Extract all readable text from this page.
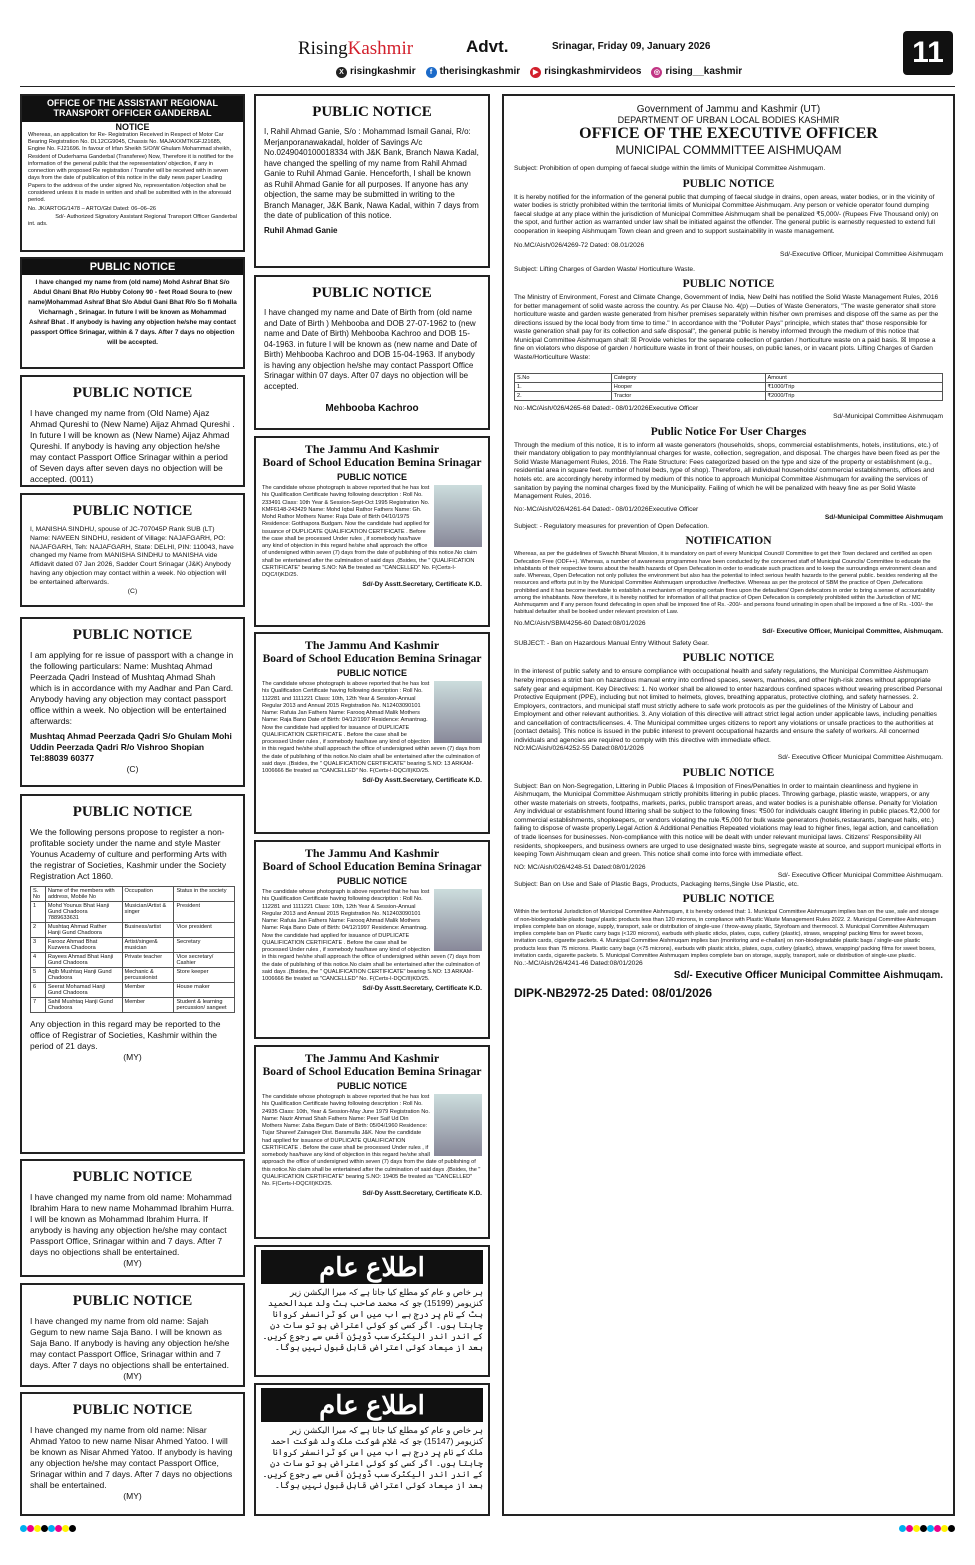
RisingKashmir	Advt.	Srinagar, Friday 09, January 2026
X risingkashmir	f therisingkashmir	▶ risingkashmirvideos	◎ rising__kashmir
11
OFFICE OF THE ASSISTANT REGIONAL TRANSPORT OFFICER GANDERBAL
NOTICE

Whereas, an application for Re- Registration Received in Respect of Motor Car Bearing Registration No. DL12CG9045, Chassis No. MAJAXXMTKGFJ21685, Engine No. FJ21696. In favour of Irfan Sheikh S/O/W Ghulam Mohammad sheikh, Resident of Duderhama Ganderbal (Transferee) Now, Therefore it is notified for the information of the general public that the representation/ objection, if any in connection with proposed Re registration / Transfer will be received with in seven days from the date of publication of this notice in the daily news paper Leading Papers to the address of the under signed No, representation /objection shall be considered unless it is made in written and shall be submitted with in the aforesaid period.

No. JK/ARTOG/1478 – ARTO/Gbl Dated: 06–06–26

Sd/- Authorized Signatory Assistant Regional Transport Officer Ganderbal

int. ads.

PUBLIC NOTICE

I have changed my name from (old name) Mohd Ashraf Bhat S/o Abdul Ghani Bhat R/o Hubby Colony 90 - feet Road Soura to (new name)Mohammad Ashraf Bhat S/o Abdul Gani Bhat R/o So fi Mohalla Vicharnagh , Srinagar. In future I will be known as Mohammad Ashraf Bhat . If anybody is having any objection he/she may contact passport Office Srinagar, within & 7 days. After 7 days no objection will be accepted.

PUBLIC NOTICE

I have changed my name from (Old Name) Ajaz Ahmad Qureshi to (New Name) Aijaz Ahmad Qureshi . In future I will be known as (New Name) Aijaz Ahmad Qureshi. If anybody is having any objection he/she may contact Passport Office Srinagar within a period of Seven days after seven days no objection will be accepted. (0011)

PUBLIC NOTICE

I, MANISHA SINDHU, spouse of JC-707045P Rank SUB (LT) Name: NAVEEN SINDHU, resident of Village: NAJAFGARH, PO: NAJAFGARH, Teh: NAJAFGARH, State: DELHI, PIN: 110043, have changed my Name from MANISHA SINDHU to MANISHA vide Affidavit dated 07 Jan 2026, Sadder Court Srinagar (J&K) Anybody having any objection may contact within a week. No objection will be entertained afterwards.

(C)

PUBLIC NOTICE

I am applying for re issue of passport with a change in the following particulars: Name: Mushtaq Ahmad Peerzada Qadri Instead of Mushtaq Ahmad Shah which is in accordance with my Aadhar and Pan Card. Anybody having any objection may contact passport office within a week. No objection will be entertained afterwards:

Mushtaq Ahmad Peerzada Qadri S/o Ghulam Mohi Uddin Peerzada Qadri R/o Vishroo Shopian Tel:88039 60377

(C)

PUBLIC NOTICE

We the following persons propose to register a non-profitable society under the name and style Master Younus Academy of culture and performing Arts with the registrar of Societies, Kashmir under the Society Registration Act 1860.

S. No	Name of the members with address, Mobile No	Occupation	Status in the society
1	Mohd Younus Bhat Hanji Gund Chadoora 7889633631	Musician/Artist & singer	President
2	Mushtaq Ahmad Rather Hanji Gund Chadoora	Business/artist	Vice president
3	Farooz Ahmad Bhat Kuzwera Chadoora	Artist/singer& musician	Secretary
4	Rayees Ahmad Bhat Hanji Gund Chadoora	Private teacher	Vice secretary/ Cashier
5	Aqib Mushtaq Hanji Gund Chadoora	Mechanic & percussionist	Store keeper
6	Seerat Mohamad Hanji Gund Chadoora	Member	House maker
7	Sahil Mushtaq Hanji Gund Chadoora	Member	Student & learning percussion/ sangeet

Any objection in this regard may be reported to the office of Registrar of Societies, Kashmir within the period of 21 days.

(MY)

PUBLIC NOTICE

I have changed my name from old name: Mohammad Ibrahim Hara to new name Mohammad Ibrahim Hurra. I will be known as Mohammad Ibrahim Hurra. If anybody is having any objection he/she may contact Passport Office, Srinagar within and 7 days. After 7 days no objections shall be entertained.

(MY)

PUBLIC NOTICE

I have changed my name from old name: Sajah Gegum to new name Saja Bano. I will be known as Saja Bano. If anybody is having any objection he/she may contact Passport Office, Srinagar within and 7 days. After 7 days no objections shall be entertained.

(MY)

PUBLIC NOTICE

I have changed my name from old name: Nisar Ahmad Yatoo to new name Nisar Ahmed Yatoo. I will be known as Nisar Ahmed Yatoo. If anybody is having any objection he/she may contact Passport Office, Srinagar within and 7 days. After 7 days no objections shall be entertained.

(MY)

PUBLIC NOTICE

I, Rahil Ahmad Ganie, S/o : Mohammad Ismail Ganai, R/o: Merjanporanawakadal, holder of Savings A/c No.0249040100018334 with J&K Bank, Branch Nawa Kadal, have changed the spelling of my name from Rahil Ahmad Ganie to Ruhil Ahmad Ganie. Henceforth, I shall be known as Ruhil Ahmad Ganie for all purposes. If anyone has any objection, the same may be submitted in writing to the Branch Manager, J&K Bank, Nawa Kadal, within 7 days from the date of publication of this notice.

Ruhil Ahmad Ganie

PUBLIC NOTICE

I have changed my name and Date of Birth from (old name and Date of Birth ) Mehbooba and DOB 27-07-1962 to (new name and Date of Birth) Mehbooba Kachroo and DOB 15-04-1963. in future I will be known as (new name and Date of Birth) Mehbooba Kachroo and DOB 15-04-1963. If anybody is having any objection he/she may contact Passport Office Srinagar within 07 days. After 07 days no objection will be accepted.

Mehbooba Kachroo

The Jammu And Kashmir
Board of School Education Bemina Srinagar
PUBLIC NOTICE

The candidate whose photograph is above reported that he has lost his Qualification Certificate having following description : Roll No. 233491 Class: 10th Year & Session-Sept-Oct 1995 Registration No. KMF6148-243429 Name: Mohd Iqbal Rathor Fathers Name: Gh. Mohd Rathor Mothers Name: Raja Date of Birth 04/10/1975 Residence: Gotthapora Budgam. Now the candidate had applied for issuance of DUPLICATE QUALIFICATION CERTIFICATE . Before the case shall be processed Under rules , if somebody has/have any kind of objection in this regard he/she shall approach the office of undersigned within seven (7) days from the date of publishing of this notice.No claim shall be entertained after the culmination of said days .(Bsides, the " QUALIFICATION CERTIFICATE" bearing S.NO: NA Be treated as "CANCELLED" No. F(Certs-I-DQC/II)KD/25.

Sd/-Dy Asstt.Secretary, Certificate K.D.

The Jammu And Kashmir
Board of School Education Bemina Srinagar
PUBLIC NOTICE

The candidate whose photograph is above reported that he has lost his Qualification Certificate having following description : Roll No. 112281 and 1111221 Class: 10th, 12th Year & Session-Annual Regular 2013 and Annual 2015 Registration No. N12403090101 Name: Rafuia Jan Fathers Name: Farooq Ahmad Malik Mothers Name: Raja Bano Date of Birth: 04/12/1997 Residence: Amantnag. Now the candidate had applied for issuance of DUPLICATE QUALIFICATION CERTIFICATE . Before the case shall be processed Under rules , if somebody has/have any kind of objection in this regard he/she shall approach the office of undersigned within seven (7) days from the date of publishing of this notice.No claim shall be entertained after the culmination of said days .(Bsides, the " QUALIFICATION CERTIFICATE" bearing S.NO: 13 ARKAM-1006666 Be treated as "CANCELLED" No. F(Certs-I-DQC/II)KD/25.

Sd/-Dy Asstt.Secretary, Certificate K.D.

The Jammu And Kashmir
Board of School Education Bemina Srinagar
PUBLIC NOTICE

The candidate whose photograph is above reported that he has lost his Qualification Certificate having following description : Roll No. 112281 and 1111221 Class: 10th, 12th Year & Session-Annual Regular 2013 and Annual 2015 Registration No. N12403090101 Name: Rafuia Jan Fathers Name: Farooq Ahmad Malik Mothers Name: Raja Bano Date of Birth: 04/12/1997 Residence: Amantnag. Now the candidate had applied for issuance of DUPLICATE QUALIFICATION CERTIFICATE . Before the case shall be processed Under rules , if somebody has/have any kind of objection in this regard he/she shall approach the office of undersigned within seven (7) days from the date of publishing of this notice.No claim shall be entertained after the culmination of said days .(Bsides, the " QUALIFICATION CERTIFICATE" bearing S.NO: 13 ARKAM-1006666 Be treated as "CANCELLED" No. F(Certs-I-DQC/II)KD/25.

Sd/-Dy Asstt.Secretary, Certificate K.D.

The Jammu And Kashmir
Board of School Education Bemina Srinagar
PUBLIC NOTICE

The candidate whose photograph is above reported that he has lost his Qualification Certificate having following description : Roll No. 24935 Class: 10th, Year & Session-May June 1979 Registration No. Name: Nazir Ahmad Shah Fathers Name: Peer Saif Ud Din Mothers Name: Zaba Begum Date of Birth: 05/04/1960 Residence: Tujar Shareef Zainageir Dist. Baramulla J&K. Now the candidate had applied for issuance of DUPLICATE QUALIFICATION CERTIFICATE . Before the case shall be processed Under rules , if somebody has/have any kind of objection in this regard he/she shall approach the office of undersigned within seven (7) days from the date of publishing of this notice.No claim shall be entertained after the culmination of said days .(Bsides, the " QUALIFICATION CERTIFICATE" bearing S.NO: 19405 Be treated as "CANCELLED" No. F(Certs-I-DQC/II)KD/25.

Sd/-Dy Asstt.Secretary, Certificate K.D.

اطلاع عام

ہر خاص و عام کو مطلع کیا جاتا ہے کہ میرا الیکشن زیر کنزیومر (15199) جو کہ محمد صاحب بٹ ولد عبدالحمید بٹ کے نام پر درج ہے اب میں اس کو ٹرانسفر کروانا چاہتا ہوں۔ اگر کسی کو کوئی اعتراض ہو تو سات دن کے اندر اندر الیکٹرک سب ڈویژن آفس سے رجوع کریں۔ بعد از میعاد کوئی اعتراض قابل قبول نہیں ہوگا۔

اطلاع عام

ہر خاص و عام کو مطلع کیا جاتا ہے کہ میرا الیکشن زیر کنزیومر (15147) جو کہ غلام شوکت ملک ولد شوکت احمد ملک کے نام پر درج ہے اب میں اس کو ٹرانسفر کروانا چاہتا ہوں۔ اگر کسی کو کوئی اعتراض ہو تو سات دن کے اندر اندر الیکٹرک سب ڈویژن آفس سے رجوع کریں۔ بعد از میعاد کوئی اعتراض قابل قبول نہیں ہوگا۔

Government of Jammu and Kashmir (UT)
DEPARTMENT OF URBAN LOCAL BODIES KASHMIR
OFFICE OF THE EXECUTIVE OFFICER
MUNICIPAL COMMMITTEE AISHMUQAM

Subject: Prohibition of open dumping of faecal sludge within the limits of Municipal Committee Aishmuqam.

PUBLIC NOTICE

It is hereby notified for the information of the general public that dumping of faecal sludge in drains, open areas, water bodies, or in the vicinity of water bodies is strictly prohibited within the territorial limits of Municipal Committee Aishmuqam. Any person or vehicle operator found dumping faecal sludge at any place within the jurisdiction of Municipal Committee Aishmuqam shall be penalized ₹5,000/- (Rupees Five Thousand only) on the spot, and further action as warranted under law shall be initiated against the offender. The general public is earnestly requested to extend full cooperation in keeping Aishmuqam Town clean and green and to support sustainability in waste management.

No.MC/Aish/026/4269-72 Dated: 08.01/2026

Sd/-Executive Officer, Municipal Committee Aishmuqam

Subject: Lifting Charges of Garden Waste/ Horticulture Waste.

PUBLIC NOTICE

The Ministry of Environment, Forest and Climate Change, Government of India, New Delhi has notified the Solid Waste Management Rules, 2016 for better management of solid waste across the country. As per Clause No. 4(p) —Duties of Waste Generators, "The waste generator shall store horticulture waste and garden waste generated from his/her premises separately within his/her own premises and dispose off the same as per the directions issued by the local body from time to time." In accordance with the "Polluter Pays" principle, which states that" those responsible for waste generation shall pay for its collection and safe disposal", the general public is hereby informed through the medium of this notice that Municipal Committee Aishmuqam shall: ☒ Provide vehicles for the separate collection of garden / horticulture waste on a paid basis. ☒ Impose a fine on violators who dispose of garden / horticulture waste in front of their houses, on public lanes, or in vacant plots. Lifting Charges of Garden Waste/Horticulture Waste:

S.No	Category	Amount
1.	Hooper	₹1000/Trip
2.	Tractor	₹2000/Trip

No:-MC/Aish/026/4265-68 Dated:- 08/01/2026Executive Officer

Sd/-Municipal Committee Aishmuqam

Public Notice For User Charges

Through the medium of this notice, It is to inform all waste generators (households, shops, commercial establishments, hotels, institutions, etc.) of their mandatory obligation to pay monthly/annual charges for waste, collection, segregation, and disposal. The charges have been fixed as per the Solid Waste Management Rules, 2016. The Rate Structure: Fees categorized based on the type and size of the property or establishment (e.g., residential area in square feet. number of hotel beds, type of shop). Therefore, all individual households/ commercial establishments, offices and hotels etc. are accordingly hereby informed by medium of this notice to approach Municipal Committee Aishmuqam for availing the services of sanitation by paying the nominal charges fixed by the Municipality. Failing of which he will be penalized with heavy fine as per Solid Waste Management Rules, 2016.

No:-MC/Aish/026/4261-64 Dated:- 08/01/2026Executive Officer

Sd/-Municipal Committee Aishmuqam

Subject: - Regulatory measures for prevention of Open Defecation.

NOTIFICATION

Whereas, as per the guidelines of Swachh Bharat Mission, it is mandatory on part of every Municipal Council/ Committee to get their Town declared and certified as open Defecation Free (ODF++). Whereas, a number of awareness programmes have been conducted by the concerned staff of Municipal Councils/ Committee to educate the inhabitants of their respective towns about the health hazards of Open Defecation in order to eradicate such practices and to keep the surroundings environment clean and safe. Whereas, Open Defecation not only pollutes the environment but also has the potential to infect serious health hazards to the general public. besides rendering all the resources and efforts put in by the Municipal Committee Aishmuqam unproductive /ineffective. Whereas as per the protocol of SBM the practice of Open ,Defecations prohibited and it has become inevitable to establish a mechanism of imposing certain fines upon the defaulters/ Open defecators in order to bring a sense of accountability among the inhabitants. Now therefore, it is hereby notified for information of all that practice of Open Defecation is completely prohibited within the Jurisdiction of MC Aishmuqamm and if any person found defecating in open shall be imposed fine of Rs. -200/- and persons found urinating in open shall be imposed a fine of Rs. -100/- the habitual defaulter shall be booked under relevant provision of Law.

No.MC/Aish/SBM/4256-60 Dated:08/01/2026

Sd/- Executive Officer, Municipal Committee, Aishmuqam.

SUBJECT: - Ban on Hazardous Manual Entry Without Safety Gear.

PUBLIC NOTICE

In the interest of public safety and to ensure compliance with occupational health and safety regulations, the Municipal Committee Aishmuqam hereby imposes a strict ban on hazardous manual entry into confined spaces, sewers, manholes, and other high-risk zones without appropriate safety gear and equipment. Key Directives: 1. No worker shall be allowed to enter hazardous confined spaces without wearing prescribed Personal Protective Equipment (PPE), including but not limited to helmets, gloves, breathing apparatus, protective clothing, and safety harnesses. 2. Employers, contractors, and municipal staff must strictly adhere to safe work protocols as per the guidelines of the Ministry of Labour and Employment and other relevant authorities. 3. Any violation of this directive will attract strict legal action under applicable laws, including penalties and cancellation of contracts/licenses. 4. The Municipal committee urges citizens to report any violations or unsafe practices to the authorities at [contact details]. This notice is issued in the public interest to prevent occupational hazards and ensure the safety of workers. All concerned individuals and agencies are required to comply with this directive with immediate effect.

NO:MC/Aish/026/4252-55 Dated:08/01/2026

Sd/- Executive Officer Municipal Committee Aishmuqam.

PUBLIC NOTICE

Subject: Ban on Non-Segregation, Littering in Public Places & Imposition of Fines/Penalties In order to maintain cleanliness and hygiene in Aishmuqam, the Municipal Committee Aishmuqam strictly prohibits littering in public places. Throwing garbage, plastic waste, wrappers, or any other waste materials on streets, footpaths, markets, parks, public transport areas, and water bodies is a punishable offense. Penalty for Violation Any individual or establishment found littering shall be subject to the following fines: ₹500 for individuals caught littering in public places.₹2,000 for commercial establishments, shopkeepers, or vendors violating the rule.₹5,000 for bulk waste generators (hotels,restaurants, banquet halls, etc.) failing to dispose of waste properly.Legal Action & Additional Penalties Repeated violations may lead to higher fines, legal action, and cancellation of trade licenses for businesses. Non-compliance with this notice will be dealt with under relevant municipal laws. Citizens' Responsibility All residents, shopkeepers, and business owners are urged to use designated waste bins, segregate waste at source, and support municipal efforts in keeping Town Aishmuqam clean and green. This notice shall come into force with immediate effect.

NO: MC/Aish/026/4248-51 Dated:08/01/2026

Sd/- Executive Officer Municipal Committee Aishmuqam.

Subject: Ban on Use and Sale of Plastic Bags, Products, Packaging Items,Single Use Plastic, etc.

PUBLIC NOTICE

Within the territorial Jurisdiction of Municipal Committee Aishmuqam, it is hereby ordered that: 1. Municipal Committee Aishmuqam implies ban on the use, sale and storage of non-biodegradable plastic bags/ plastic products less than 120 microns, in compliance with Plastic Waste Management Rules 2022. 2. Municipal Committee Aishmuqam implies complete ban on storage, supply, transport, sale or distribution of single-use / throw-away plastic, Styrofoam and thermocol. 3. Municipal Committee Aishmuqam implies complete ban on Plastic carry bags (<120 microns), earbuds with plastic sticks, plates, cups, cutlery (plastic), straws, wrapping/ packing films for sweet boxes, invitation cards, cigarette packets. 4. Municipal Committee Aishmuqam implies ban (monitoring and e-challan) on non-biodegradable plastic bags / single-use plastic products less than 75 microns. Plastic carry bags (<75 microns), earbuds with plastic sticks, plates, cups, cutlery (plastic), straws, wrapping/ packing films for sweet boxes, invitation cards, cigarette packets. 5. Municipal Committee Aishmuqam implies complete ban on storage, supply, transport, sale or distribution of single-use plastic.

No.:-MC/Aish/26/4241-46 Dated:08/01/2026

Sd/- Executive Officer Municipal Committee Aishmuqam.

DIPK-NB2972-25 Dated: 08/01/2026
